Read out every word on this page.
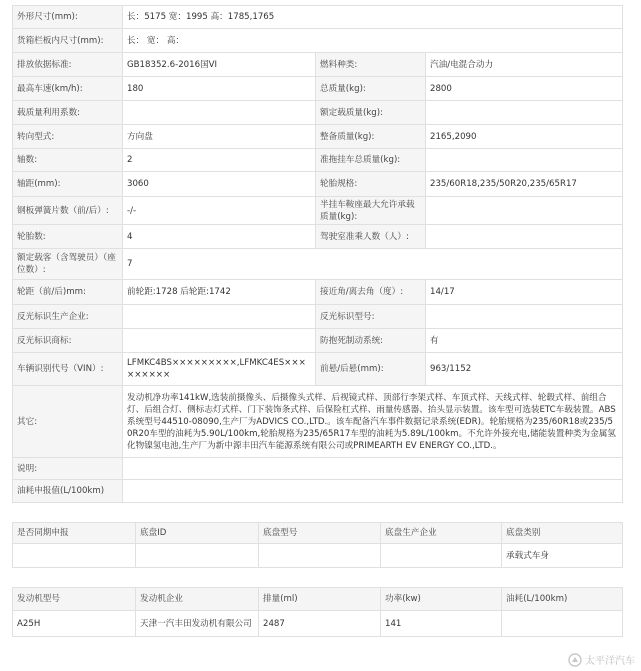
外形尺寸(mm):	长：5175 宽：1995 高：1785,1765		
货箱栏板内尺寸(mm):	长： 宽： 高：		
排放依据标准:	GB18352.6-2016国VI	燃料种类:	汽油/电混合动力
最高车速(km/h):	180	总质量(kg):	2800
载质量利用系数:		额定载质量(kg):	
转向型式:	方向盘	整备质量(kg):	2165,2090
轴数:	2	准拖挂车总质量(kg):	
轴距(mm):	3060	轮胎规格:	235/60R18,235/50R20,235/65R17
钢板弹簧片数（前/后）:	-/-	半挂车鞍座最大允许承载质量(kg):	
轮胎数:	4	驾驶室准乘人数（人）:	
额定载客（含驾驶员）（座位数）:	7		
轮距（前/后)mm:	前轮距:1728 后轮距:1742	接近角/离去角（度）:	14/17
反光标识生产企业:		反光标识型号:	
反光标识商标:		防抱死制动系统:	有
车辆识别代号（VIN）:	LFMKC4BS×××××××××,LFMKC4ES×××××××××	前悬/后悬(mm):	963/1152
其它:	发动机净功率141kW,选装前摄像头、后摄像头式样、后视镜式样、顶部行李架式样、车顶式样、天线式样、轮毂式样、前组合灯、后组合灯、侧标志灯式样、门下装饰条式样、后保险杠式样、雨量传感器、抬头显示装置。该车型可选装ETC车载装置。ABS系统型号44510-08090,生产厂为ADVICS CO.,LTD.。该车配备汽车事件数据记录系统(EDR)。轮胎规格为235/60R18或235/50R20车型的油耗为5.90L/100km,轮胎规格为235/65R17车型的油耗为5.89L/100km。不允许外接充电,储能装置种类为金属氢化物镍氢电池,生产厂为新中源丰田汽车能源系统有限公司或PRIMEARTH EV ENERGY CO.,LTD.。		
说明:			
油耗申报值(L/100km)			
是否同期申报	底盘ID	底盘型号	底盘生产企业	底盘类别
				承载式车身
发动机型号	发动机企业	排量(ml)	功率(kw)	油耗(L/100km)
A25H	天津一汽丰田发动机有限公司	2487	141	
太平洋汽车
